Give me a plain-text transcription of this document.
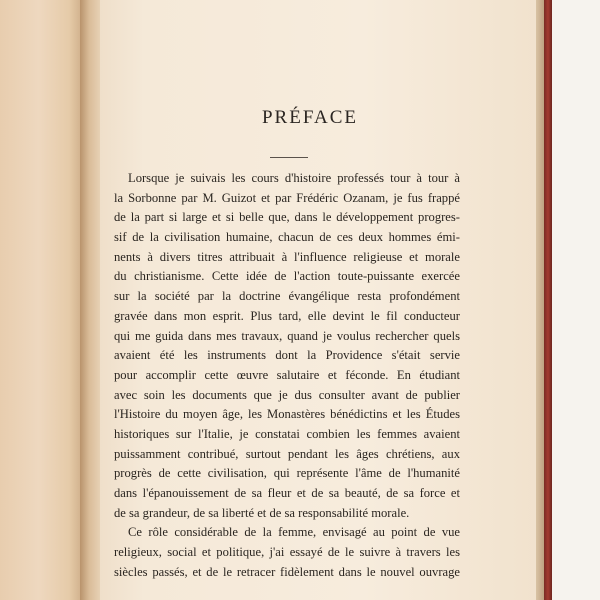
PRÉFACE
Lorsque je suivais les cours d'histoire professés tour à tour à
la Sorbonne par M. Guizot et par Frédéric Ozanam, je fus frappé
de la part si large et si belle que, dans le développement progres-
sif de la civilisation humaine, chacun de ces deux hommes émi-
nents à divers titres attribuait à l'influence religieuse et morale
du christianisme. Cette idée de l'action toute-puissante exercée
sur la société par la doctrine évangélique resta profondément
gravée dans mon esprit. Plus tard, elle devint le fil conducteur
qui me guida dans mes travaux, quand je voulus rechercher quels
avaient été les instruments dont la Providence s'était servie
pour accomplir cette œuvre salutaire et féconde. En étudiant
avec soin les documents que je dus consulter avant de publier
l'Histoire du moyen âge, les Monastères bénédictins et les Études
historiques sur l'Italie, je constatai combien les femmes avaient
puissamment contribué, surtout pendant les âges chrétiens, aux
progrès de cette civilisation, qui représente l'âme de l'humanité
dans l'épanouissement de sa fleur et de sa beauté, de sa force et
de sa grandeur, de sa liberté et de sa responsabilité morale.
Ce rôle considérable de la femme, envisagé au point de vue
religieux, social et politique, j'ai essayé de le suivre à travers les
siècles passés, et de le retracer fidèlement dans le nouvel ouvrage
